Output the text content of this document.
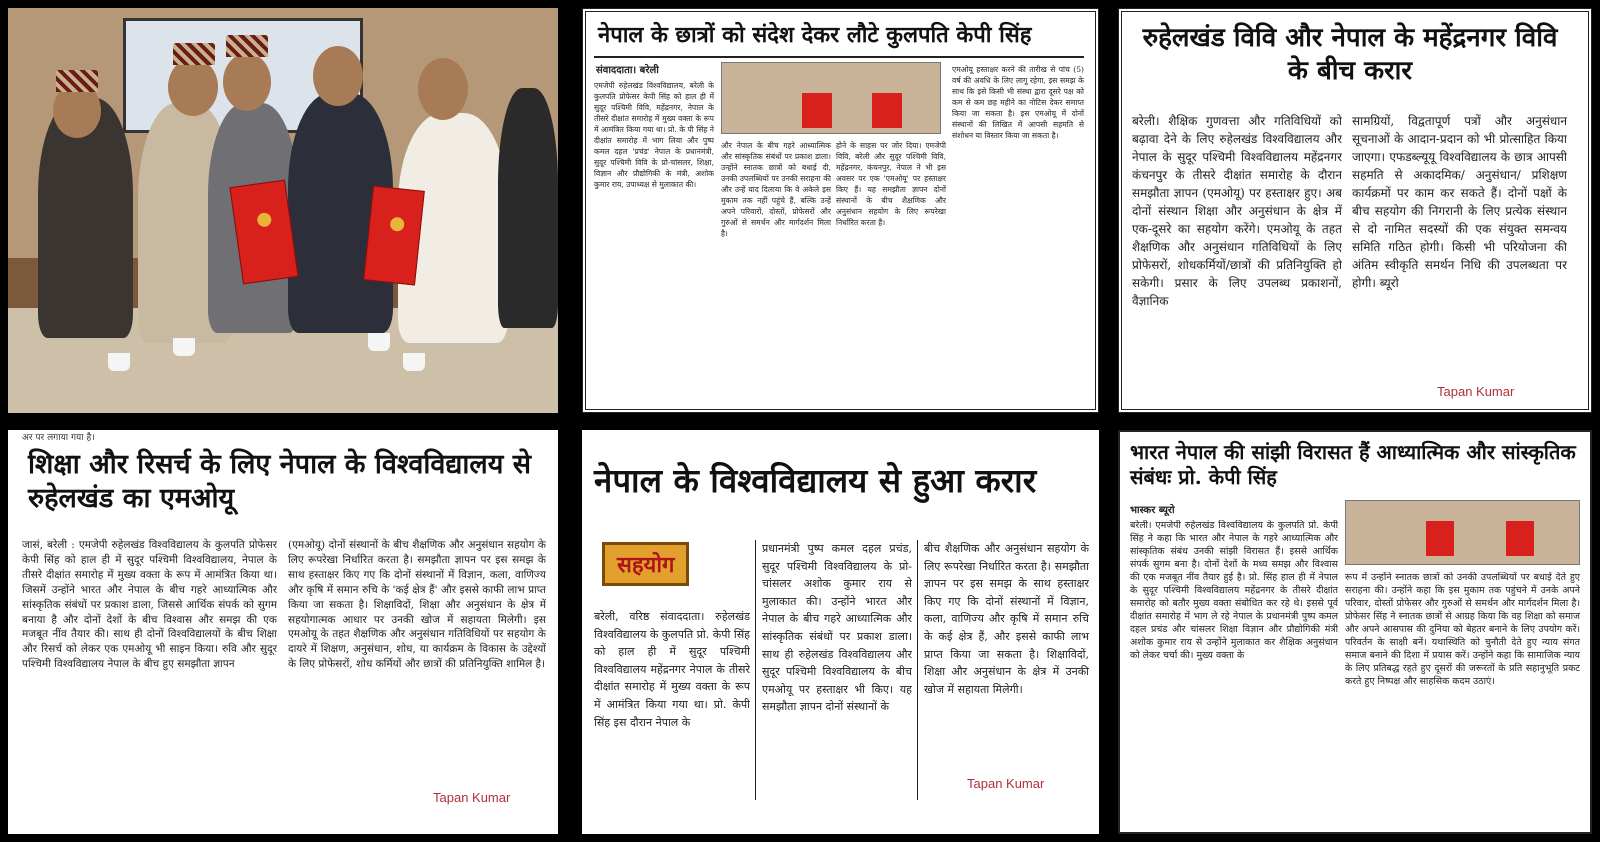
नेपाल के छात्रों को संदेश देकर लौटे कुलपति केपी सिंह
संवाददाता। बरेली
एमजेपी रुहेलखंड विश्वविद्यालय, बरेली के कुलपति प्रोफेसर केपी सिंह को हाल ही में सुदूर पश्चिमी विवि, महेंद्रनगर, नेपाल के तीसरे दीक्षांत समारोह में मुख्य वक्ता के रूप में आमंत्रित किया गया था। प्रो. के पी सिंह ने दीक्षांत समारोह में भाग लिया और पुष्प कमल दहल 'प्रचंड' नेपाल के प्रधानमंत्री, सुदूर पश्चिमी विवि के प्रो-चांसलर, शिक्षा, विज्ञान और प्रौद्योगिकी के मंत्री, अशोक कुमार राय, उपाध्यक्ष से मुलाकात की।
और नेपाल के बीच गहरे आध्यात्मिक और सांस्कृतिक संबंधों पर प्रकाश डाला। उन्होंने स्नातक छात्रों को बधाई दी, उनकी उपलब्धियों पर उनकी सराहना की और उन्हें याद दिलाया कि वे अकेले इस मुकाम तक नहीं पहुंचे हैं, बल्कि उन्हें अपने परिवारों, दोस्तों, प्रोफेसरों और गुरुओं से समर्थन और मार्गदर्शन मिला है।
होने के साहस पर जोर दिया। एमजेपी विवि, बरेली और सुदूर पश्चिमी विवि, महेंद्रनगर, कंचनपुर, नेपाल ने भी इस अवसर पर एक 'एमओयू' पर हस्ताक्षर किए हैं। यह समझौता ज्ञापन दोनों संस्थानों के बीच शैक्षणिक और अनुसंधान सहयोग के लिए रूपरेखा निर्धारित करता है।
एमओयू हस्ताक्षर करने की तारीख से पांच (5) वर्ष की अवधि के लिए लागू रहेगा, इस समझ के साथ कि इसे किसी भी संस्था द्वारा दूसरे पक्ष को कम से कम छह महीने का नोटिस देकर समाप्त किया जा सकता है। इस एमओयू में दोनों संस्थानों की लिखित में आपसी सहमति से संशोधन या विस्तार किया जा सकता है।
रुहेलखंड विवि और नेपाल के महेंद्रनगर विवि के बीच करार
बरेली। शैक्षिक गुणवत्ता और गतिविधियों को बढ़ावा देने के लिए रुहेलखंड विश्वविद्यालय और नेपाल के सुदूर पश्चिमी विश्वविद्यालय महेंद्रनगर कंचनपुर के तीसरे दीक्षांत समारोह के दौरान समझौता ज्ञापन (एमओयू) पर हस्ताक्षर हुए। अब दोनों संस्थान शिक्षा और अनुसंधान के क्षेत्र में एक-दूसरे का सहयोग करेंगे। एमओयू के तहत शैक्षणिक और अनुसंधान गतिविधियों के लिए प्रोफेसरों, शोधकर्मियों/छात्रों की प्रतिनियुक्ति हो सकेगी। प्रसार के लिए उपलब्ध प्रकाशनों, वैज्ञानिक
सामग्रियों, विद्वतापूर्ण पत्रों और अनुसंधान सूचनाओं के आदान-प्रदान को भी प्रोत्साहित किया जाएगा। एफडब्ल्यूयू विश्वविद्यालय के छात्र आपसी सहमति से अकादमिक/ अनुसंधान/ प्रशिक्षण कार्यक्रमों पर काम कर सकते हैं। दोनों पक्षों के बीच सहयोग की निगरानी के लिए प्रत्येक संस्थान से दो नामित सदस्यों की एक संयुक्त समन्वय समिति गठित होगी। किसी भी परियोजना की अंतिम स्वीकृति समर्थन निधि की उपलब्धता पर होगी। ब्यूरो
Tapan Kumar
अर पर लगाया गया है।
शिक्षा और रिसर्च के लिए नेपाल के विश्वविद्यालय से रुहेलखंड का एमओयू
जासं, बरेली : एमजेपी रुहेलखंड विश्वविद्यालय के कुलपति प्रोफेसर केपी सिंह को हाल ही में सुदूर पश्चिमी विश्वविद्यालय, नेपाल के तीसरे दीक्षांत समारोह में मुख्य वक्ता के रूप में आमंत्रित किया था। जिसमें उन्होंने भारत और नेपाल के बीच गहरे आध्यात्मिक और सांस्कृतिक संबंधों पर प्रकाश डाला, जिससे आर्थिक संपर्क को सुगम बनाया है और दोनों देशों के बीच विश्वास और समझ की एक मजबूत नींव तैयार की। साथ ही दोनों विश्वविद्यालयों के बीच शिक्षा और रिसर्च को लेकर एक एमओयू भी साइन किया। रुवि और सुदूर पश्चिमी विश्वविद्यालय नेपाल के बीच हुए समझौता ज्ञापन
(एमओयू) दोनों संस्थानों के बीच शैक्षणिक और अनुसंधान सहयोग के लिए रूपरेखा निर्धारित करता है। समझौता ज्ञापन पर इस समझ के साथ हस्ताक्षर किए गए कि दोनों संस्थानों में विज्ञान, कला, वाणिज्य और कृषि में समान रुचि के 'कई क्षेत्र हैं' और इससे काफी लाभ प्राप्त किया जा सकता है। शिक्षाविदों, शिक्षा और अनुसंधान के क्षेत्र में सहयोगात्मक आधार पर उनकी खोज में सहायता मिलेगी। इस एमओयू के तहत शैक्षणिक और अनुसंधान गतिविधियों पर सहयोग के दायरे में शिक्षण, अनुसंधान, शोध, या कार्यक्रम के विकास के उद्देश्यों के लिए प्रोफेसरों, शोध कर्मियों और छात्रों की प्रतिनियुक्ति शामिल है।
Tapan Kumar
नेपाल के विश्वविद्यालय से हुआ करार
सहयोग
बरेली, वरिष्ठ संवाददाता। रुहेलखंड विश्वविद्यालय के कुलपति प्रो. केपी सिंह को हाल ही में सुदूर पश्चिमी विश्वविद्यालय महेंद्रनगर नेपाल के तीसरे दीक्षांत समारोह में मुख्य वक्ता के रूप में आमंत्रित किया गया था। प्रो. केपी सिंह इस दौरान नेपाल के
प्रधानमंत्री पुष्प कमल दहल प्रचंड, सुदूर पश्चिमी विश्वविद्यालय के प्रो-चांसलर अशोक कुमार राय से मुलाकात की। उन्होंने भारत और नेपाल के बीच गहरे आध्यात्मिक और सांस्कृतिक संबंधों पर प्रकाश डाला। साथ ही रुहेलखंड विश्वविद्यालय और सुदूर पश्चिमी विश्वविद्यालय के बीच एमओयू पर हस्ताक्षर भी किए। यह समझौता ज्ञापन दोनों संस्थानों के
बीच शैक्षणिक और अनुसंधान सहयोग के लिए रूपरेखा निर्धारित करता है। समझौता ज्ञापन पर इस समझ के साथ हस्ताक्षर किए गए कि दोनों संस्थानों में विज्ञान, कला, वाणिज्य और कृषि में समान रुचि के कई क्षेत्र हैं, और इससे काफी लाभ प्राप्त किया जा सकता है। शिक्षाविदों, शिक्षा और अनुसंधान के क्षेत्र में उनकी खोज में सहायता मिलेगी।
Tapan Kumar
भारत नेपाल की सांझी विरासत हैं आध्यात्मिक और सांस्कृतिक संबंधः प्रो. केपी सिंह
भास्कर ब्यूरो
बरेली। एमजेपी रुहेलखंड विश्वविद्यालय के कुलपति प्रो. केपी सिंह ने कहा कि भारत और नेपाल के गहरे आध्यात्मिक और सांस्कृतिक संबंध उनकी सांझी विरासत हैं। इससे आर्थिक संपर्क सुगम बना है। दोनों देशों के मध्य समझ और विश्वास की एक मजबूत नींव तैयार हुई है। प्रो. सिंह हाल ही में नेपाल के सुदूर पश्चिमी विश्वविद्यालय महेंद्रनगर के तीसरे दीक्षांत समारोह को बतौर मुख्य वक्ता संबोधित कर रहे थे। इससे पूर्व दीक्षांत समारोह में भाग ले रहे नेपाल के प्रधानमंत्री पुष्प कमल दहल प्रचंड और चांसलर शिक्षा विज्ञान और प्रौद्योगिकी मंत्री अशोक कुमार राय से उन्होंने मुलाकात कर शैक्षिक अनुसंधान को लेकर चर्चा की। मुख्य वक्ता के
रूप में उन्होंने स्नातक छात्रों को उनकी उपलब्धियों पर बधाई देते हुए सराहना की। उन्होंने कहा कि इस मुकाम तक पहुंचने में उनके अपने परिवार, दोस्तों प्रोफेसर और गुरुओं से समर्थन और मार्गदर्शन मिला है। प्रोफेसर सिंह ने स्नातक छात्रों से आग्रह किया कि वह शिक्षा को समाज और अपने आसपास की दुनिया को बेहतर बनाने के लिए उपयोग करें। परिवर्तन के साक्षी बनें। यथास्थिति को चुनौती देते हुए न्याय संगत समाज बनाने की दिशा में प्रयास करें। उन्होंने कहा कि सामाजिक न्याय के लिए प्रतिबद्ध रहते हुए दूसरों की जरूरतों के प्रति सहानुभूति प्रकट करते हुए निष्पक्ष और साहसिक कदम उठाएं।
